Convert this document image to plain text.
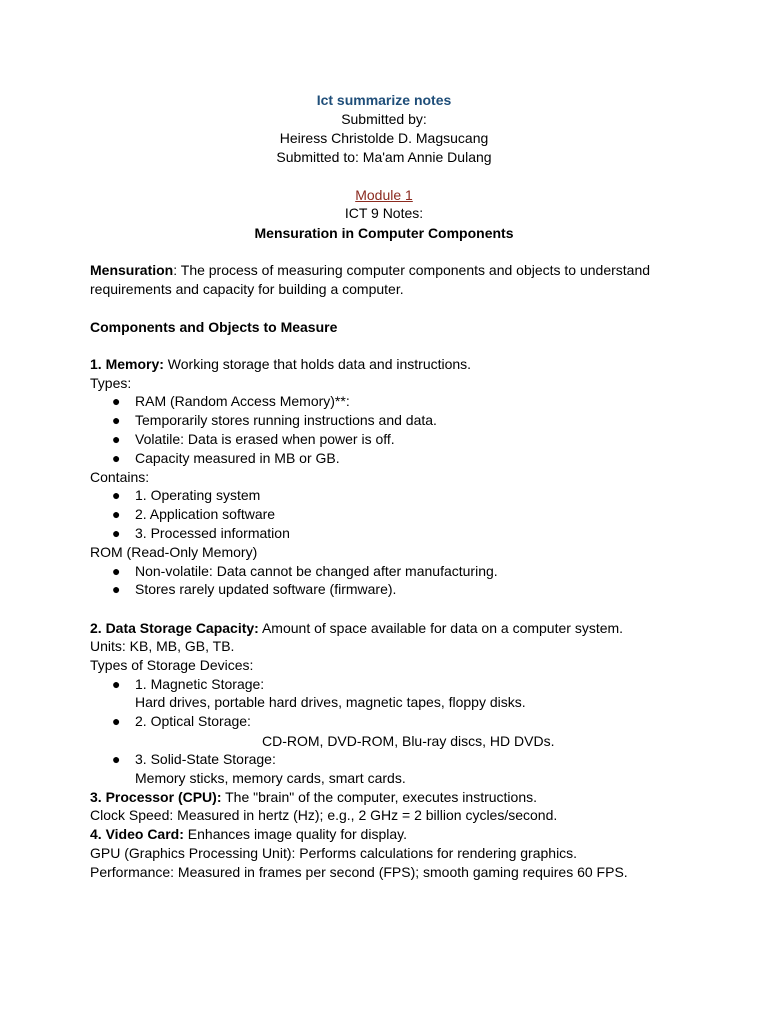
Ict summarize notes
Submitted by:
Heiress Christolde D. Magsucang
Submitted to: Ma'am Annie Dulang
Module 1
ICT 9 Notes:
Mensuration in Computer Components
Mensuration: The process of measuring computer components and objects to understand
requirements and capacity for building a computer.
Components and Objects to Measure
1. Memory: Working storage that holds data and instructions.
Types:
● RAM (Random Access Memory)**:
● Temporarily stores running instructions and data.
● Volatile: Data is erased when power is off.
● Capacity measured in MB or GB.
Contains:
● 1. Operating system
● 2. Application software
● 3. Processed information
ROM (Read-Only Memory)
● Non-volatile: Data cannot be changed after manufacturing.
● Stores rarely updated software (firmware).
2. Data Storage Capacity: Amount of space available for data on a computer system.
Units: KB, MB, GB, TB.
Types of Storage Devices:
● 1. Magnetic Storage:
Hard drives, portable hard drives, magnetic tapes, floppy disks.
● 2. Optical Storage:
CD-ROM, DVD-ROM, Blu-ray discs, HD DVDs.
● 3. Solid-State Storage:
Memory sticks, memory cards, smart cards.
3. Processor (CPU): The "brain" of the computer, executes instructions.
Clock Speed: Measured in hertz (Hz); e.g., 2 GHz = 2 billion cycles/second.
4. Video Card: Enhances image quality for display.
GPU (Graphics Processing Unit): Performs calculations for rendering graphics.
Performance: Measured in frames per second (FPS); smooth gaming requires 60 FPS.
